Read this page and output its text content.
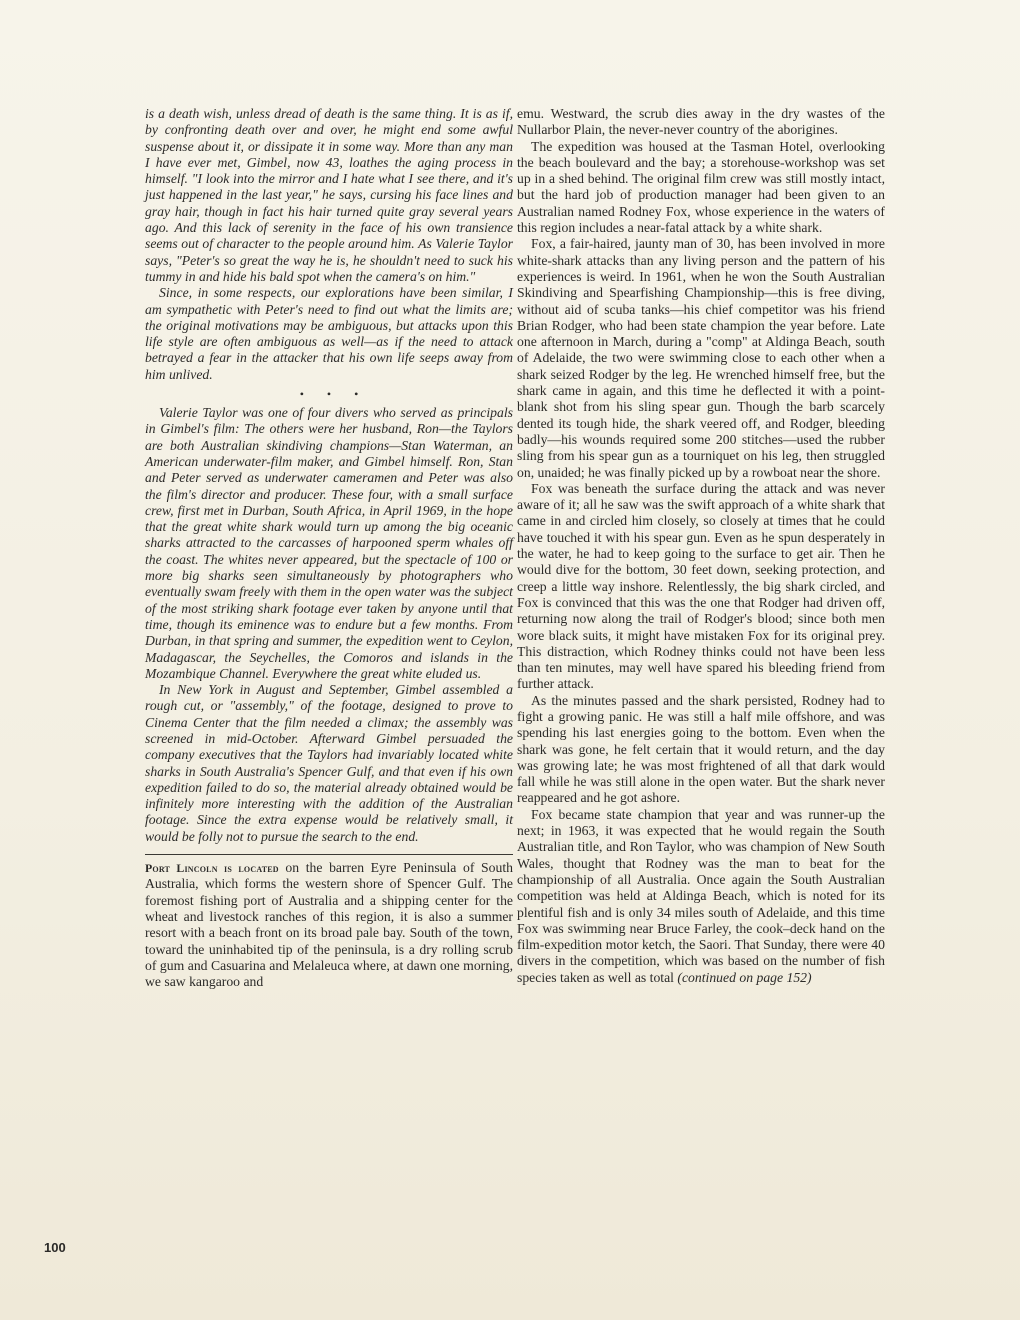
is a death wish, unless dread of death is the same thing. It is as if, by confronting death over and over, he might end some awful suspense about it, or dissipate it in some way. More than any man I have ever met, Gimbel, now 43, loathes the aging process in himself. "I look into the mirror and I hate what I see there, and it's just happened in the last year," he says, cursing his face lines and gray hair, though in fact his hair turned quite gray several years ago. And this lack of serenity in the face of his own transience seems out of character to the people around him. As Valerie Taylor says, "Peter's so great the way he is, he shouldn't need to suck his tummy in and hide his bald spot when the camera's on him."

Since, in some respects, our explorations have been similar, I am sympathetic with Peter's need to find out what the limits are; the original motivations may be ambiguous, but attacks upon this life style are often ambiguous as well—as if the need to attack betrayed a fear in the attacker that his own life seeps away from him unlived.

• • •

Valerie Taylor was one of four divers who served as principals in Gimbel's film: The others were her husband, Ron—the Taylors are both Australian skindiving champions—Stan Waterman, an American underwater-film maker, and Gimbel himself. Ron, Stan and Peter served as underwater cameramen and Peter was also the film's director and producer. These four, with a small surface crew, first met in Durban, South Africa, in April 1969, in the hope that the great white shark would turn up among the big oceanic sharks attracted to the carcasses of harpooned sperm whales off the coast. The whites never appeared, but the spectacle of 100 or more big sharks seen simultaneously by photographers who eventually swam freely with them in the open water was the subject of the most striking shark footage ever taken by anyone until that time, though its eminence was to endure but a few months. From Durban, in that spring and summer, the expedition went to Ceylon, Madagascar, the Seychelles, the Comoros and islands in the Mozambique Channel. Everywhere the great white eluded us.

In New York in August and September, Gimbel assembled a rough cut, or "assembly," of the footage, designed to prove to Cinema Center that the film needed a climax; the assembly was screened in mid-October. Afterward Gimbel persuaded the company executives that the Taylors had invariably located white sharks in South Australia's Spencer Gulf, and that even if his own expedition failed to do so, the material already obtained would be infinitely more interesting with the addition of the Australian footage. Since the extra expense would be relatively small, it would be folly not to pursue the search to the end.

Port Lincoln is located on the barren Eyre Peninsula of South Australia, which forms the western shore of Spencer Gulf. The foremost fishing port of Australia and a shipping center for the wheat and livestock ranches of this region, it is also a summer resort with a beach front on its broad pale bay. South of the town, toward the uninhabited tip of the peninsula, is a dry rolling scrub of gum and Casuarina and Melaleuca where, at dawn one morning, we saw kangaroo and

emu. Westward, the scrub dies away in the dry wastes of the Nullarbor Plain, the never-never country of the aborigines.

The expedition was housed at the Tasman Hotel, overlooking the beach boulevard and the bay; a storehouse-workshop was set up in a shed behind. The original film crew was still mostly intact, but the hard job of production manager had been given to an Australian named Rodney Fox, whose experience in the waters of this region includes a near-fatal attack by a white shark.

Fox, a fair-haired, jaunty man of 30, has been involved in more white-shark attacks than any living person and the pattern of his experiences is weird. In 1961, when he won the South Australian Skindiving and Spearfishing Championship—this is free diving, without aid of scuba tanks—his chief competitor was his friend Brian Rodger, who had been state champion the year before. Late one afternoon in March, during a "comp" at Aldinga Beach, south of Adelaide, the two were swimming close to each other when a shark seized Rodger by the leg. He wrenched himself free, but the shark came in again, and this time he deflected it with a point-blank shot from his sling spear gun. Though the barb scarcely dented its tough hide, the shark veered off, and Rodger, bleeding badly—his wounds required some 200 stitches—used the rubber sling from his spear gun as a tourniquet on his leg, then struggled on, unaided; he was finally picked up by a rowboat near the shore.

Fox was beneath the surface during the attack and was never aware of it; all he saw was the swift approach of a white shark that came in and circled him closely, so closely at times that he could have touched it with his spear gun. Even as he spun desperately in the water, he had to keep going to the surface to get air. Then he would dive for the bottom, 30 feet down, seeking protection, and creep a little way inshore. Relentlessly, the big shark circled, and Fox is convinced that this was the one that Rodger had driven off, returning now along the trail of Rodger's blood; since both men wore black suits, it might have mistaken Fox for its original prey. This distraction, which Rodney thinks could not have been less than ten minutes, may well have spared his bleeding friend from further attack.

As the minutes passed and the shark persisted, Rodney had to fight a growing panic. He was still a half mile offshore, and was spending his last energies going to the bottom. Even when the shark was gone, he felt certain that it would return, and the day was growing late; he was most frightened of all that dark would fall while he was still alone in the open water. But the shark never reappeared and he got ashore.

Fox became state champion that year and was runner-up the next; in 1963, it was expected that he would regain the South Australian title, and Ron Taylor, who was champion of New South Wales, thought that Rodney was the man to beat for the championship of all Australia. Once again the South Australian competition was held at Aldinga Beach, which is noted for its plentiful fish and is only 34 miles south of Adelaide, and this time Fox was swimming near Bruce Farley, the cook–deck hand on the film-expedition motor ketch, the Saori. That Sunday, there were 40 divers in the competition, which was based on the number of fish species taken as well as total (continued on page 152)

100
